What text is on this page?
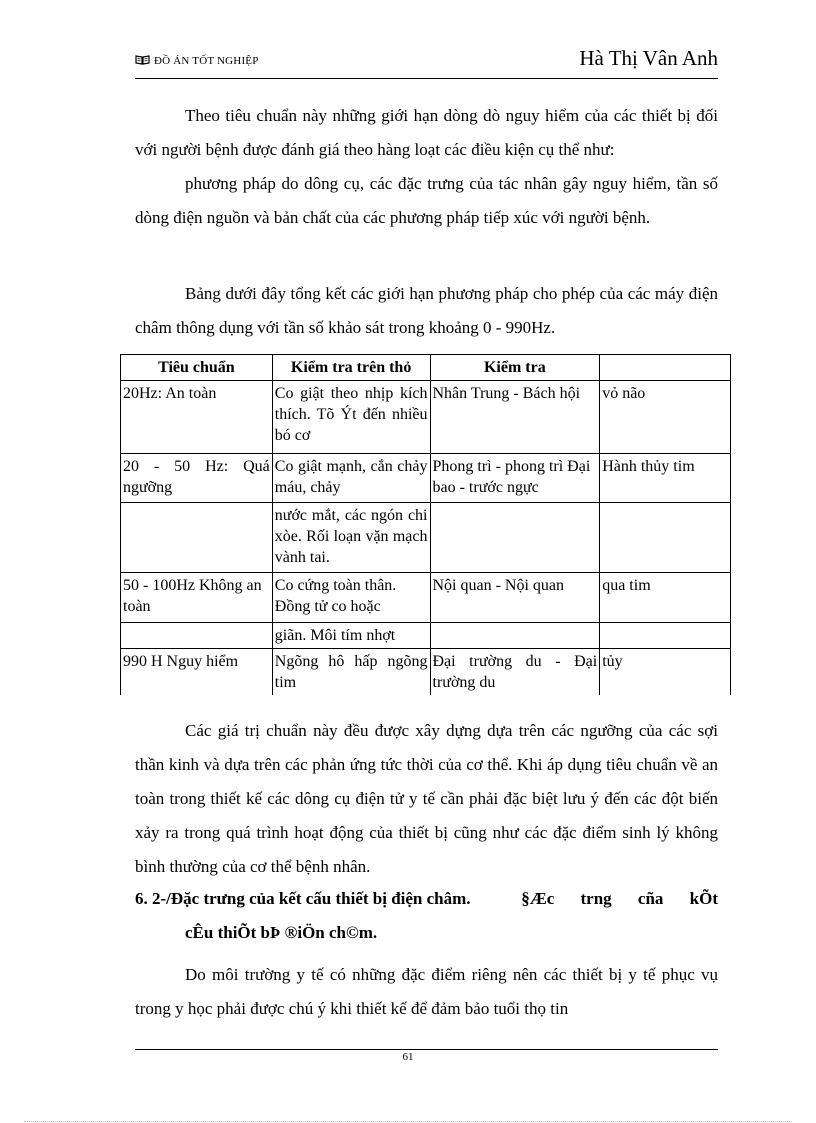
ĐỒ ÁN TỐT NGHIỆP	Hà Thị Vân Anh

Theo tiêu chuẩn này những giới hạn dòng dò nguy hiểm của các thiết bị đối với người bệnh được đánh giá theo hàng loạt các điều kiện cụ thể như:

phương pháp do dông cụ, các đặc trưng của tác nhân gây nguy hiểm, tần số dòng điện nguồn và bản chất của các phương pháp tiếp xúc với người bệnh.

Bảng dưới đây tổng kết các giới hạn phương pháp cho phép của các máy điện châm thông dụng với tần số khảo sát trong khoảng 0 - 990Hz.

Tiêu chuẩn	Kiểm tra trên thỏ	Kiểm tra	
20Hz: An toàn	Co giật theo nhịp kích thích. Tõ Ýt đến nhiều bó cơ	Nhân Trung - Bách hội	vỏ não
20 - 50 Hz: Quá ngưỡng	Co giật mạnh, cắn chảy máu, chảy	Phong trì - phong trì Đại bao - trước ngực	Hành thủy tim
	nước mắt, các ngón chi xòe. Rối loạn vặn mạch vành tai.		
50 - 100Hz Không an toàn	Co cứng toàn thân. Đồng tử co hoặc	Nội quan - Nội quan	qua tim
	giãn. Môi tím nhợt		
990 H Nguy hiểm	Ngõng hô hấp ngõng tim	Đại trường du - Đại trường du	tủy

Các giá trị chuẩn này đều được xây dựng dựa trên các ngưỡng của các sợi thần kinh và dựa trên các phản ứng tức thời của cơ thể. Khi áp dụng tiêu chuẩn về an toàn trong thiết kế các dông cụ điện tử y tế cần phải đặc biệt lưu ý đến các đột biến xảy ra trong quá trình hoạt động của thiết bị cũng như các đặc điểm sinh lý không bình thường của cơ thể bệnh nhân.

6. 2-/Đặc trưng của kết cấu thiết bị điện châm.	§Æc trng cña kÕt
cÊu thiÕt bÞ ®iÖn ch©m.

Do môi trường y tế có những đặc điểm riêng nên các thiết bị y tế phục vụ trong y học phải được chú ý khi thiết kế để đảm bảo tuổi thọ tin

61
